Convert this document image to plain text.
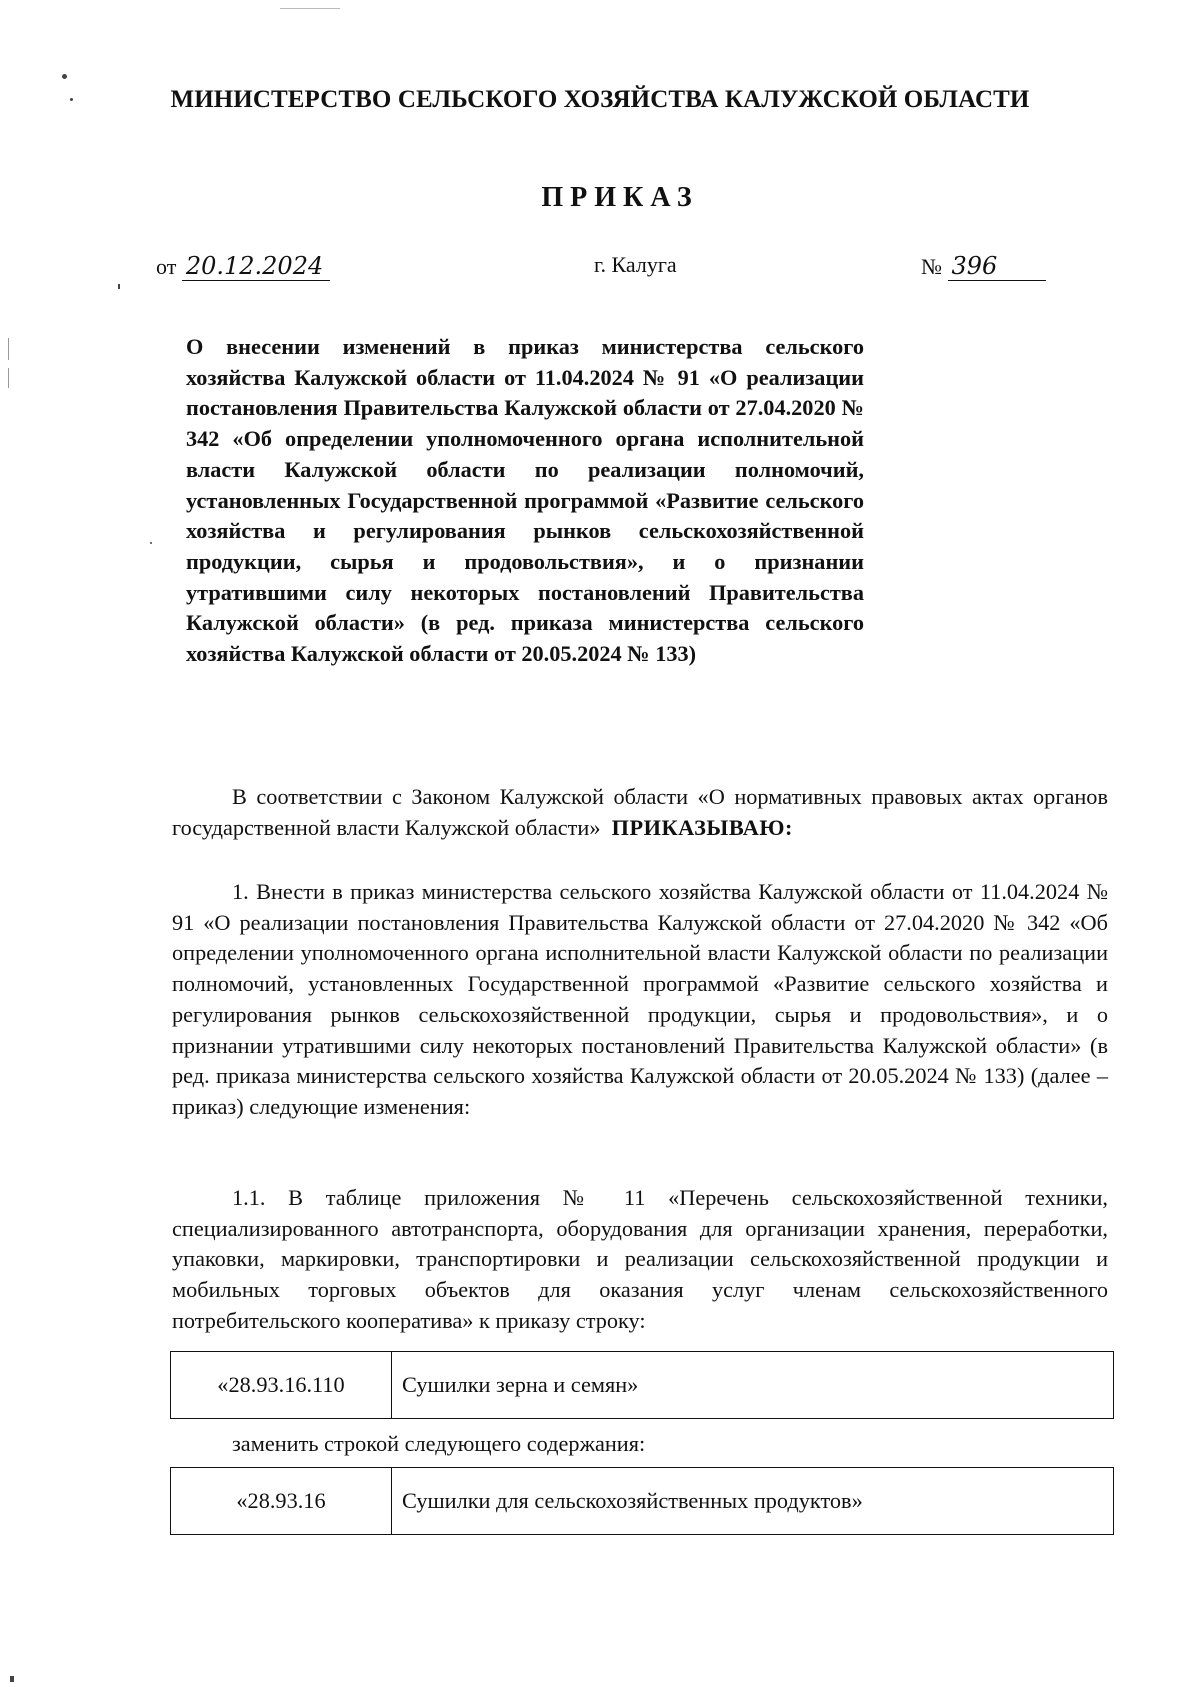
МИНИСТЕРСТВО СЕЛЬСКОГО ХОЗЯЙСТВА КАЛУЖСКОЙ ОБЛАСТИ
ПРИКАЗ
от 20.12.2024	г. Калуга	№ 396
О внесении изменений в приказ министерства сельского хозяйства Калужской области от 11.04.2024 № 91 «О реализации постановления Правительства Калужской области от 27.04.2020 № 342 «Об определении уполномоченного органа исполнительной власти Калужской области по реализации полномочий, установленных Государственной программой «Развитие сельского хозяйства и регулирования рынков сельскохозяйственной продукции, сырья и продовольствия», и о признании утратившими силу некоторых постановлений Правительства Калужской области» (в ред. приказа министерства сельского хозяйства Калужской области от 20.05.2024 № 133)

В соответствии с Законом Калужской области «О нормативных правовых актах органов государственной власти Калужской области» ПРИКАЗЫВАЮ:

1. Внести в приказ министерства сельского хозяйства Калужской области от 11.04.2024 № 91 «О реализации постановления Правительства Калужской области от 27.04.2020 № 342 «Об определении уполномоченного органа исполнительной власти Калужской области по реализации полномочий, установленных Государственной программой «Развитие сельского хозяйства и регулирования рынков сельскохозяйственной продукции, сырья и продовольствия», и о признании утратившими силу некоторых постановлений Правительства Калужской области» (в ред. приказа министерства сельского хозяйства Калужской области от 20.05.2024 № 133) (далее – приказ) следующие изменения:

1.1. В таблице приложения № 11 «Перечень сельскохозяйственной техники, специализированного автотранспорта, оборудования для организации хранения, переработки, упаковки, маркировки, транспортировки и реализации сельскохозяйственной продукции и мобильных торговых объектов для оказания услуг членам сельскохозяйственного потребительского кооператива» к приказу строку:

«28.93.16.110	Сушилки зерна и семян»
заменить строкой следующего содержания:
«28.93.16	Сушилки для сельскохозяйственных продуктов»
